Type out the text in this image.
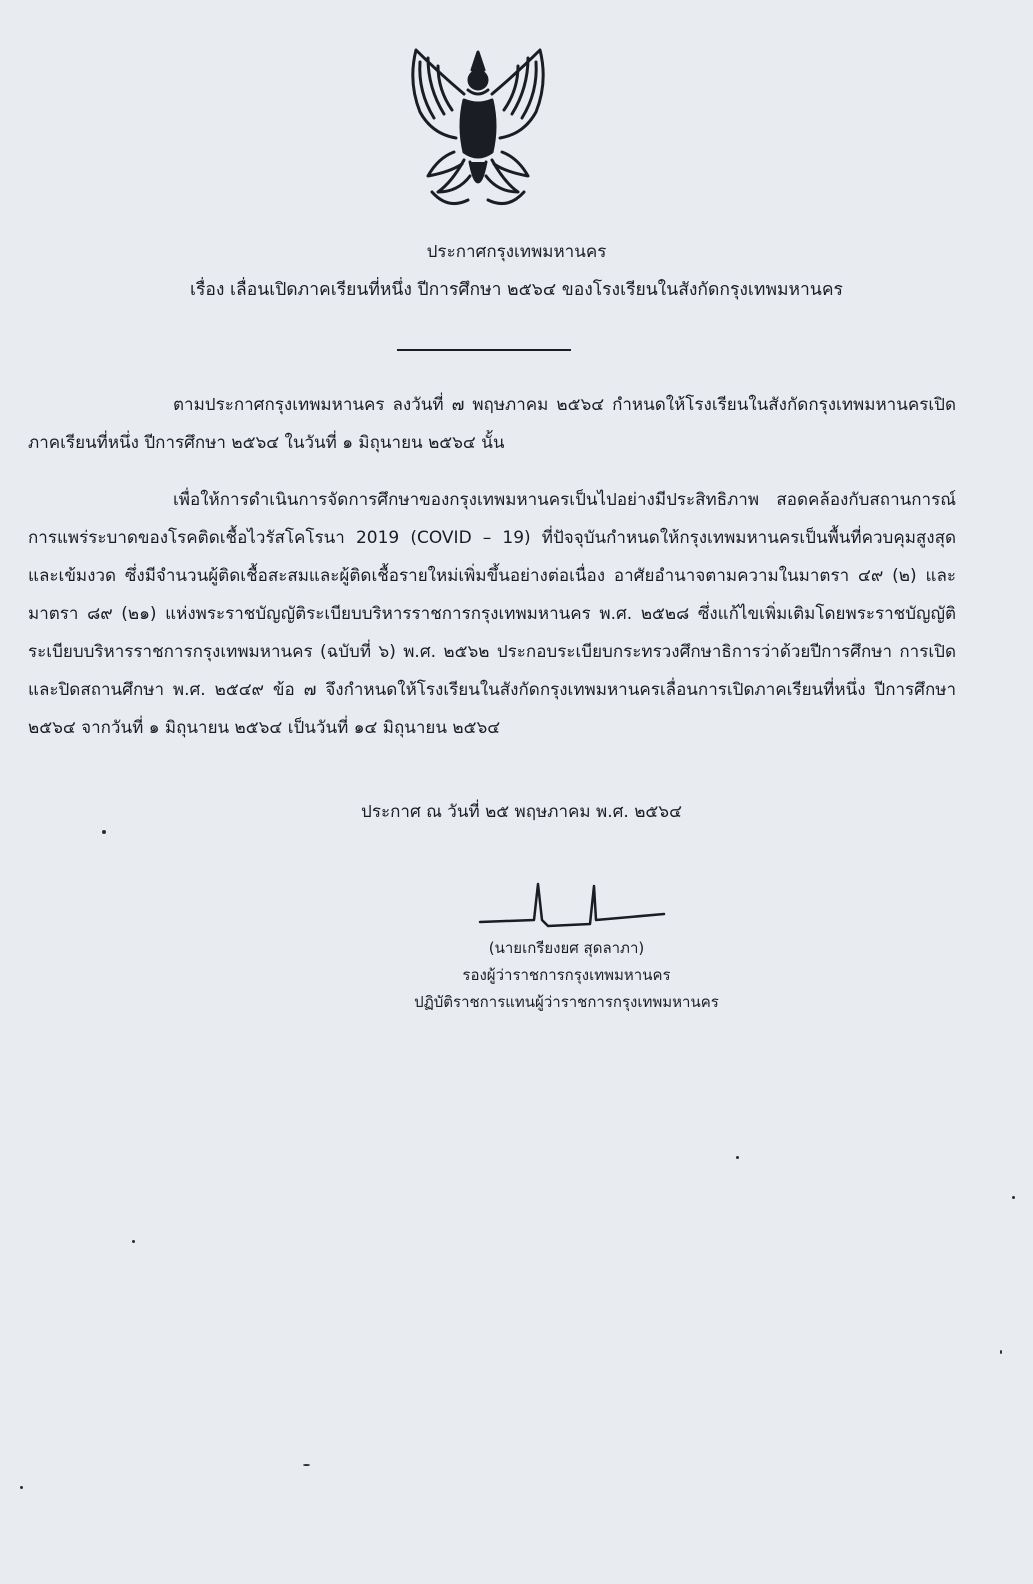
ประกาศกรุงเทพมหานคร
เรื่อง เลื่อนเปิดภาคเรียนที่หนึ่ง ปีการศึกษา ๒๕๖๔ ของโรงเรียนในสังกัดกรุงเทพมหานคร
ตามประกาศกรุงเทพมหานคร ลงวันที่ ๗ พฤษภาคม ๒๕๖๔ กำหนดให้โรงเรียนในสังกัดกรุงเทพมหานครเปิดภาคเรียนที่หนึ่ง ปีการศึกษา ๒๕๖๔ ในวันที่ ๑ มิถุนายน ๒๕๖๔ นั้น
เพื่อให้การดำเนินการจัดการศึกษาของกรุงเทพมหานครเป็นไปอย่างมีประสิทธิภาพ สอดคล้องกับสถานการณ์การแพร่ระบาดของโรคติดเชื้อไวรัสโคโรนา 2019 (COVID – 19) ที่ปัจจุบันกำหนดให้กรุงเทพมหานครเป็นพื้นที่ควบคุมสูงสุดและเข้มงวด ซึ่งมีจำนวนผู้ติดเชื้อสะสมและผู้ติดเชื้อรายใหม่เพิ่มขึ้นอย่างต่อเนื่อง อาศัยอำนาจตามความในมาตรา ๔๙ (๒) และมาตรา ๘๙ (๒๑) แห่งพระราชบัญญัติระเบียบบริหารราชการกรุงเทพมหานคร พ.ศ. ๒๕๒๘ ซึ่งแก้ไขเพิ่มเติมโดยพระราชบัญญัติระเบียบบริหารราชการกรุงเทพมหานคร (ฉบับที่ ๖) พ.ศ. ๒๕๖๒ ประกอบระเบียบกระทรวงศึกษาธิการว่าด้วยปีการศึกษา การเปิดและปิดสถานศึกษา พ.ศ. ๒๕๔๙ ข้อ ๗ จึงกำหนดให้โรงเรียนในสังกัดกรุงเทพมหานครเลื่อนการเปิดภาคเรียนที่หนึ่ง ปีการศึกษา ๒๕๖๔ จากวันที่ ๑ มิถุนายน ๒๕๖๔ เป็นวันที่ ๑๔ มิถุนายน ๒๕๖๔
ประกาศ ณ วันที่ ๒๕ พฤษภาคม พ.ศ. ๒๕๖๔
(นายเกรียงยศ สุดลาภา)
รองผู้ว่าราชการกรุงเทพมหานคร
ปฏิบัติราชการแทนผู้ว่าราชการกรุงเทพมหานคร
